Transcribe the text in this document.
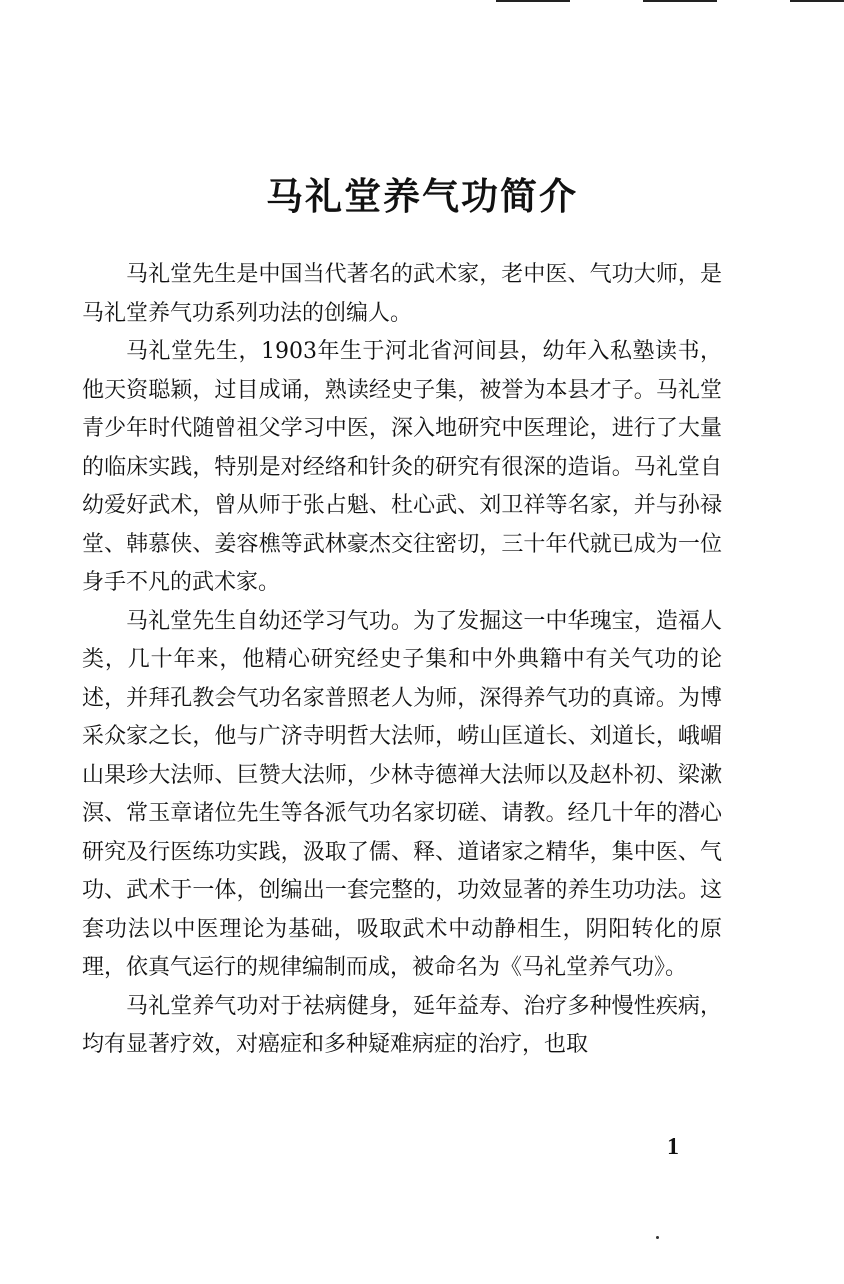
马礼堂养气功简介

马礼堂先生是中国当代著名的武术家，老中医、气功大师，是马礼堂养气功系列功法的创编人。

马礼堂先生，1903年生于河北省河间县，幼年入私塾读书，他天资聪颖，过目成诵，熟读经史子集，被誉为本县才子。马礼堂青少年时代随曾祖父学习中医，深入地研究中医理论，进行了大量的临床实践，特别是对经络和针灸的研究有很深的造诣。马礼堂自幼爱好武术，曾从师于张占魁、杜心武、刘卫祥等名家，并与孙禄堂、韩慕侠、姜容樵等武林豪杰交往密切，三十年代就已成为一位身手不凡的武术家。

马礼堂先生自幼还学习气功。为了发掘这一中华瑰宝，造福人类，几十年来，他精心研究经史子集和中外典籍中有关气功的论述，并拜孔教会气功名家普照老人为师，深得养气功的真谛。为博采众家之长，他与广济寺明哲大法师，崂山匡道长、刘道长，峨嵋山果珍大法师、巨赞大法师，少林寺德禅大法师以及赵朴初、梁漱溟、常玉章诸位先生等各派气功名家切磋、请教。经几十年的潜心研究及行医练功实践，汲取了儒、释、道诸家之精华，集中医、气功、武术于一体，创编出一套完整的，功效显著的养生功功法。这套功法以中医理论为基础，吸取武术中动静相生，阴阳转化的原理，依真气运行的规律编制而成，被命名为《马礼堂养气功》。

马礼堂养气功对于祛病健身，延年益寿、治疗多种慢性疾病，均有显著疗效，对癌症和多种疑难病症的治疗，也取

1
